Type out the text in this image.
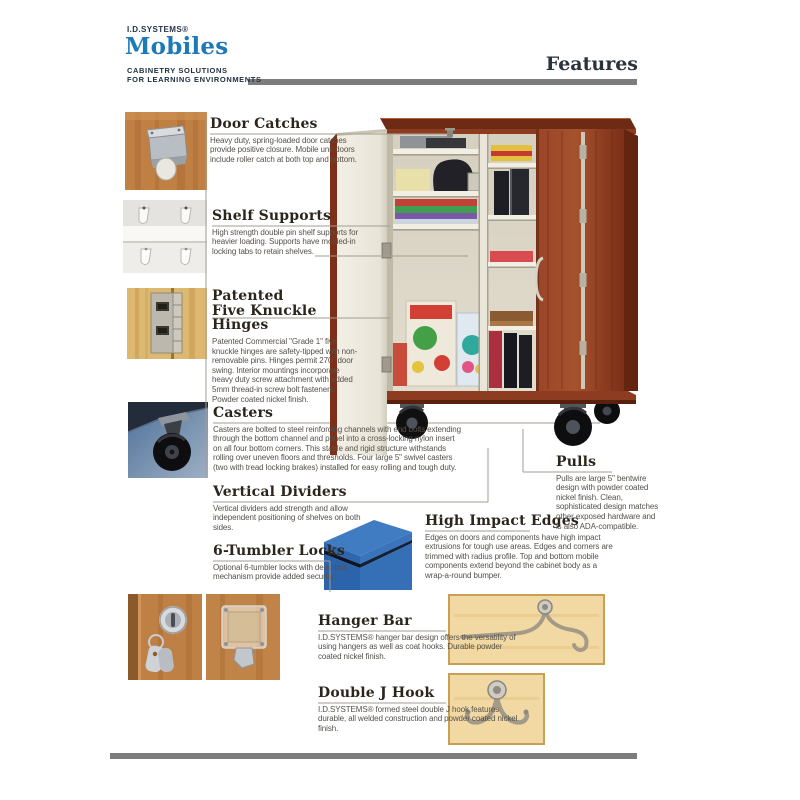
I.D.SYSTEMS®
Mobiles
CABINETRY SOLUTIONS
FOR LEARNING ENVIRONMENTS
Features
Door Catches

Heavy duty, spring-loaded door catches provide positive closure. Mobile unit doors include roller catch at both top and bottom.

Shelf Supports

High strength double pin shelf supports for heavier loading. Supports have molded-in locking tabs to retain shelves.

Patented
Five Knuckle Hinges

Patented Commercial "Grade 1" five knuckle hinges are safety-tipped with non-removable pins. Hinges permit 270° door swing. Interior mountings incorporate heavy duty screw attachment with added 5mm thread-in screw bolt fasteners. Powder coated nickel finish.

Casters

Casters are bolted to steel reinforcing channels with end bolts extending through the bottom channel and panel into a cross-locking nylon insert on all four bottom corners. This stable and rigid structure withstands rolling over uneven floors and thresholds. Four large 5" swivel casters (two with tread locking brakes) installed for easy rolling and tough duty.

Vertical Dividers

Vertical dividers add strength and allow independent positioning of shelves on both sides.

6-Tumbler Locks

Optional 6-tumbler locks with dead bolt mechanism provide added security.

High Impact Edges

Edges on doors and components have high impact extrusions for tough use areas. Edges and corners are trimmed with radius profile. Top and bottom mobile components extend beyond the cabinet body as a wrap-a-round bumper.

Pulls

Pulls are large 5" bentwire design with powder coated nickel finish. Clean, sophisticated design matches other exposed hardware and is also ADA-compatible.

Hanger Bar

I.D.SYSTEMS® hanger bar design offers the versatility of using hangers as well as coat hooks. Durable powder coated nickel finish.

Double J Hook

I.D.SYSTEMS® formed steel double J hook features durable, all welded construction and powder coated nickel finish.
